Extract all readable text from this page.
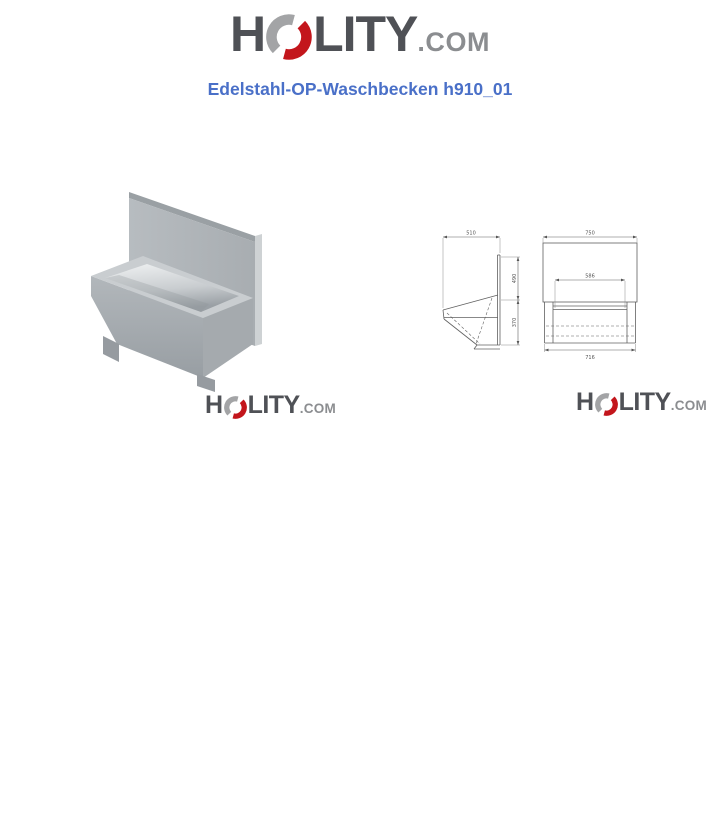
H LITY .COM
Edelstahl-OP-Waschbecken h910_01
510
490
370
750
586
716
H LITY .COM	H LITY .COM
